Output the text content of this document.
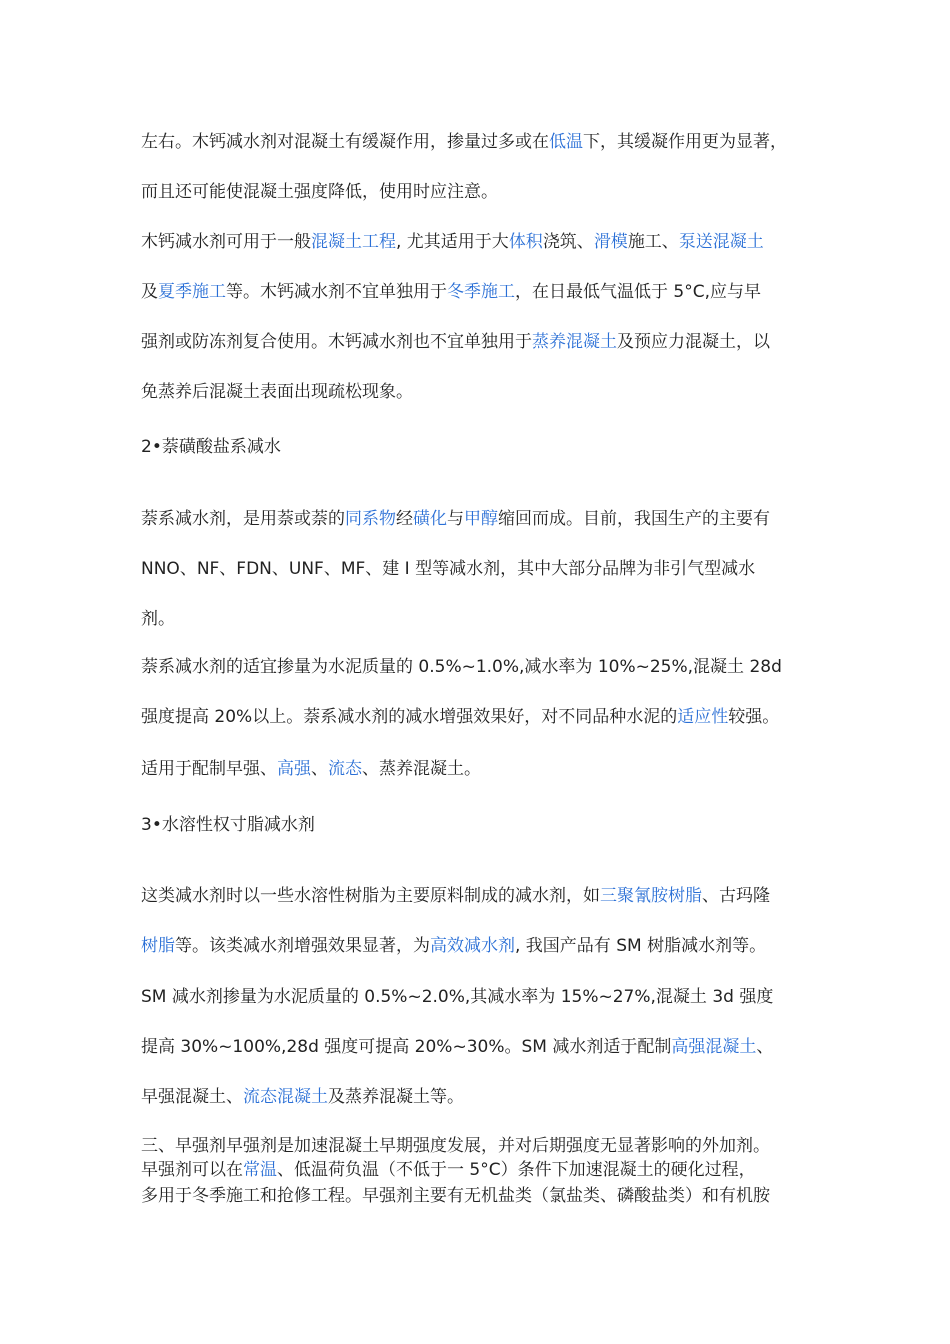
左右。木钙减水剂对混凝土有缓凝作用，掺量过多或在低温下，其缓凝作用更为显著，
而且还可能使混凝土强度降低，使用时应注意。
木钙减水剂可用于一般混凝土工程, 尤其适用于大体积浇筑、滑模施工、泵送混凝土
及夏季施工等。木钙减水剂不宜单独用于冬季施工，在日最低气温低于 5°C,应与早
强剂或防冻剂复合使用。木钙减水剂也不宜单独用于蒸养混凝土及预应力混凝土，以
免蒸养后混凝土表面出现疏松现象。
2•萘磺酸盐系减水
萘系减水剂，是用萘或萘的同系物经磺化与甲醇缩回而成。目前，我国生产的主要有
NNO、NF、FDN、UNF、MF、建 I 型等减水剂，其中大部分品牌为非引气型减水
剂。
萘系减水剂的适宜掺量为水泥质量的 0.5%~1.0%,减水率为 10%~25%,混凝土 28d
强度提高 20%以上。萘系减水剂的减水增强效果好，对不同品种水泥的适应性较强。
适用于配制早强、高强、流态、蒸养混凝土。
3•水溶性权寸脂减水剂
这类减水剂时以一些水溶性树脂为主要原料制成的减水剂，如三聚氰胺树脂、古玛隆
树脂等。该类减水剂增强效果显著，为高效减水剂, 我国产品有 SM 树脂减水剂等。
SM 减水剂掺量为水泥质量的 0.5%~2.0%,其减水率为 15%~27%,混凝土 3d 强度
提高 30%~100%,28d 强度可提高 20%~30%。SM 减水剂适于配制高强混凝土、
早强混凝土、流态混凝土及蒸养混凝土等。
三、早强剂早强剂是加速混凝土早期强度发展，并对后期强度无显著影响的外加剂。
早强剂可以在常温、低温荷负温（不低于一 5°C）条件下加速混凝土的硬化过程，
多用于冬季施工和抢修工程。早强剂主要有无机盐类（氯盐类、磷酸盐类）和有机胺
